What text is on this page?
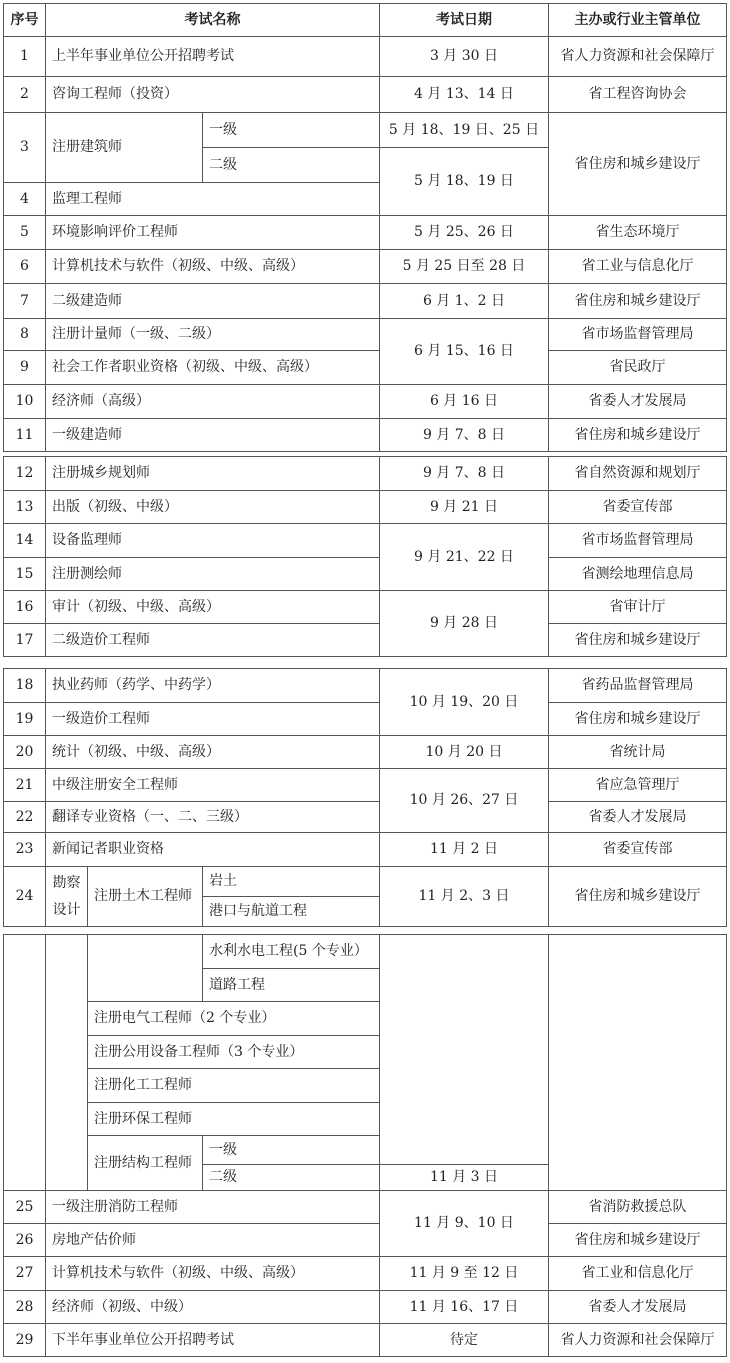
序号	考试名称		考试日期	主办或行业主管单位
1	上半年事业单位公开招聘考试		3 月 30 日	省人力资源和社会保障厅
2	咨询工程师（投资）		4 月 13、14 日	省工程咨询协会
3	注册建筑师	一级	5 月 18、19 日、25 日	省住房和城乡建设厅
		二级	5 月 18、19 日	
4	监理工程师			
5	环境影响评价工程师		5 月 25、26 日	省生态环境厅
6	计算机技术与软件（初级、中级、高级）		5 月 25 日至 28 日	省工业与信息化厅
7	二级建造师		6 月 1、2 日	省住房和城乡建设厅
8	注册计量师（一级、二级）		6 月 15、16 日	省市场监督管理局
9	社会工作者职业资格（初级、中级、高级）			省民政厅
10	经济师（高级）		6 月 16 日	省委人才发展局
11	一级建造师		9 月 7、8 日	省住房和城乡建设厅
12	注册城乡规划师	9 月 7、8 日	省自然资源和规划厅
13	出版（初级、中级）	9 月 21 日	省委宣传部
14	设备监理师	9 月 21、22 日	省市场监督管理局
15	注册测绘师		省测绘地理信息局
16	审计（初级、中级、高级）	9 月 28 日	省审计厅
17	二级造价工程师		省住房和城乡建设厅
18	执业药师（药学、中药学）			10 月 19、20 日	省药品监督管理局
19	一级造价工程师				省住房和城乡建设厅
20	统计（初级、中级、高级）			10 月 20 日	省统计局
21	中级注册安全工程师			10 月 26、27 日	省应急管理厅
22	翻译专业资格（一、二、三级）				省委人才发展局
23	新闻记者职业资格			11 月 2 日	省委宣传部
24	勘察设计	注册土木工程师	岩土	11 月 2、3 日	省住房和城乡建设厅
			港口与航道工程		
			水利水电工程(5 个专业）		
			道路工程		
		注册电气工程师（2 个专业）			
		注册公用设备工程师（3 个专业）			
		注册化工工程师			
		注册环保工程师			
		注册结构工程师	一级		
			二级	11 月 3 日	
25	一级注册消防工程师			11 月 9、10 日	省消防救援总队
26	房地产估价师				省住房和城乡建设厅
27	计算机技术与软件（初级、中级、高级）			11 月 9 至 12 日	省工业和信息化厅
28	经济师（初级、中级）			11 月 16、17 日	省委人才发展局
29	下半年事业单位公开招聘考试			待定	省人力资源和社会保障厅
